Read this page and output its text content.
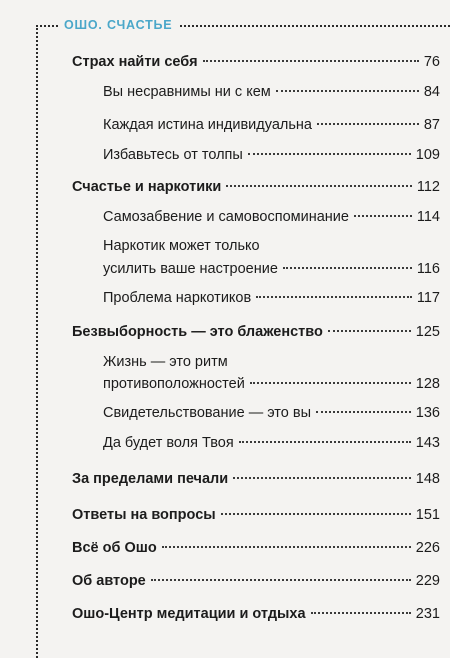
ОШО. СЧАСТЬЕ
Страх найти себя	76
Вы несравнимы ни с кем	84
Каждая истина индивидуальна	87
Избавьтесь от толпы	109
Счастье и наркотики	112
Самозабвение и самовоспоминание	114
Наркотик может только
усилить ваше настроение	116
Проблема наркотиков	117
Безвыборность — это блаженство	125
Жизнь — это ритм
противоположностей	128
Свидетельствование — это вы	136
Да будет воля Твоя	143
За пределами печали	148
Ответы на вопросы	151
Всё об Ошо	226
Об авторе	229
Ошо-Центр медитации и отдыха	231
